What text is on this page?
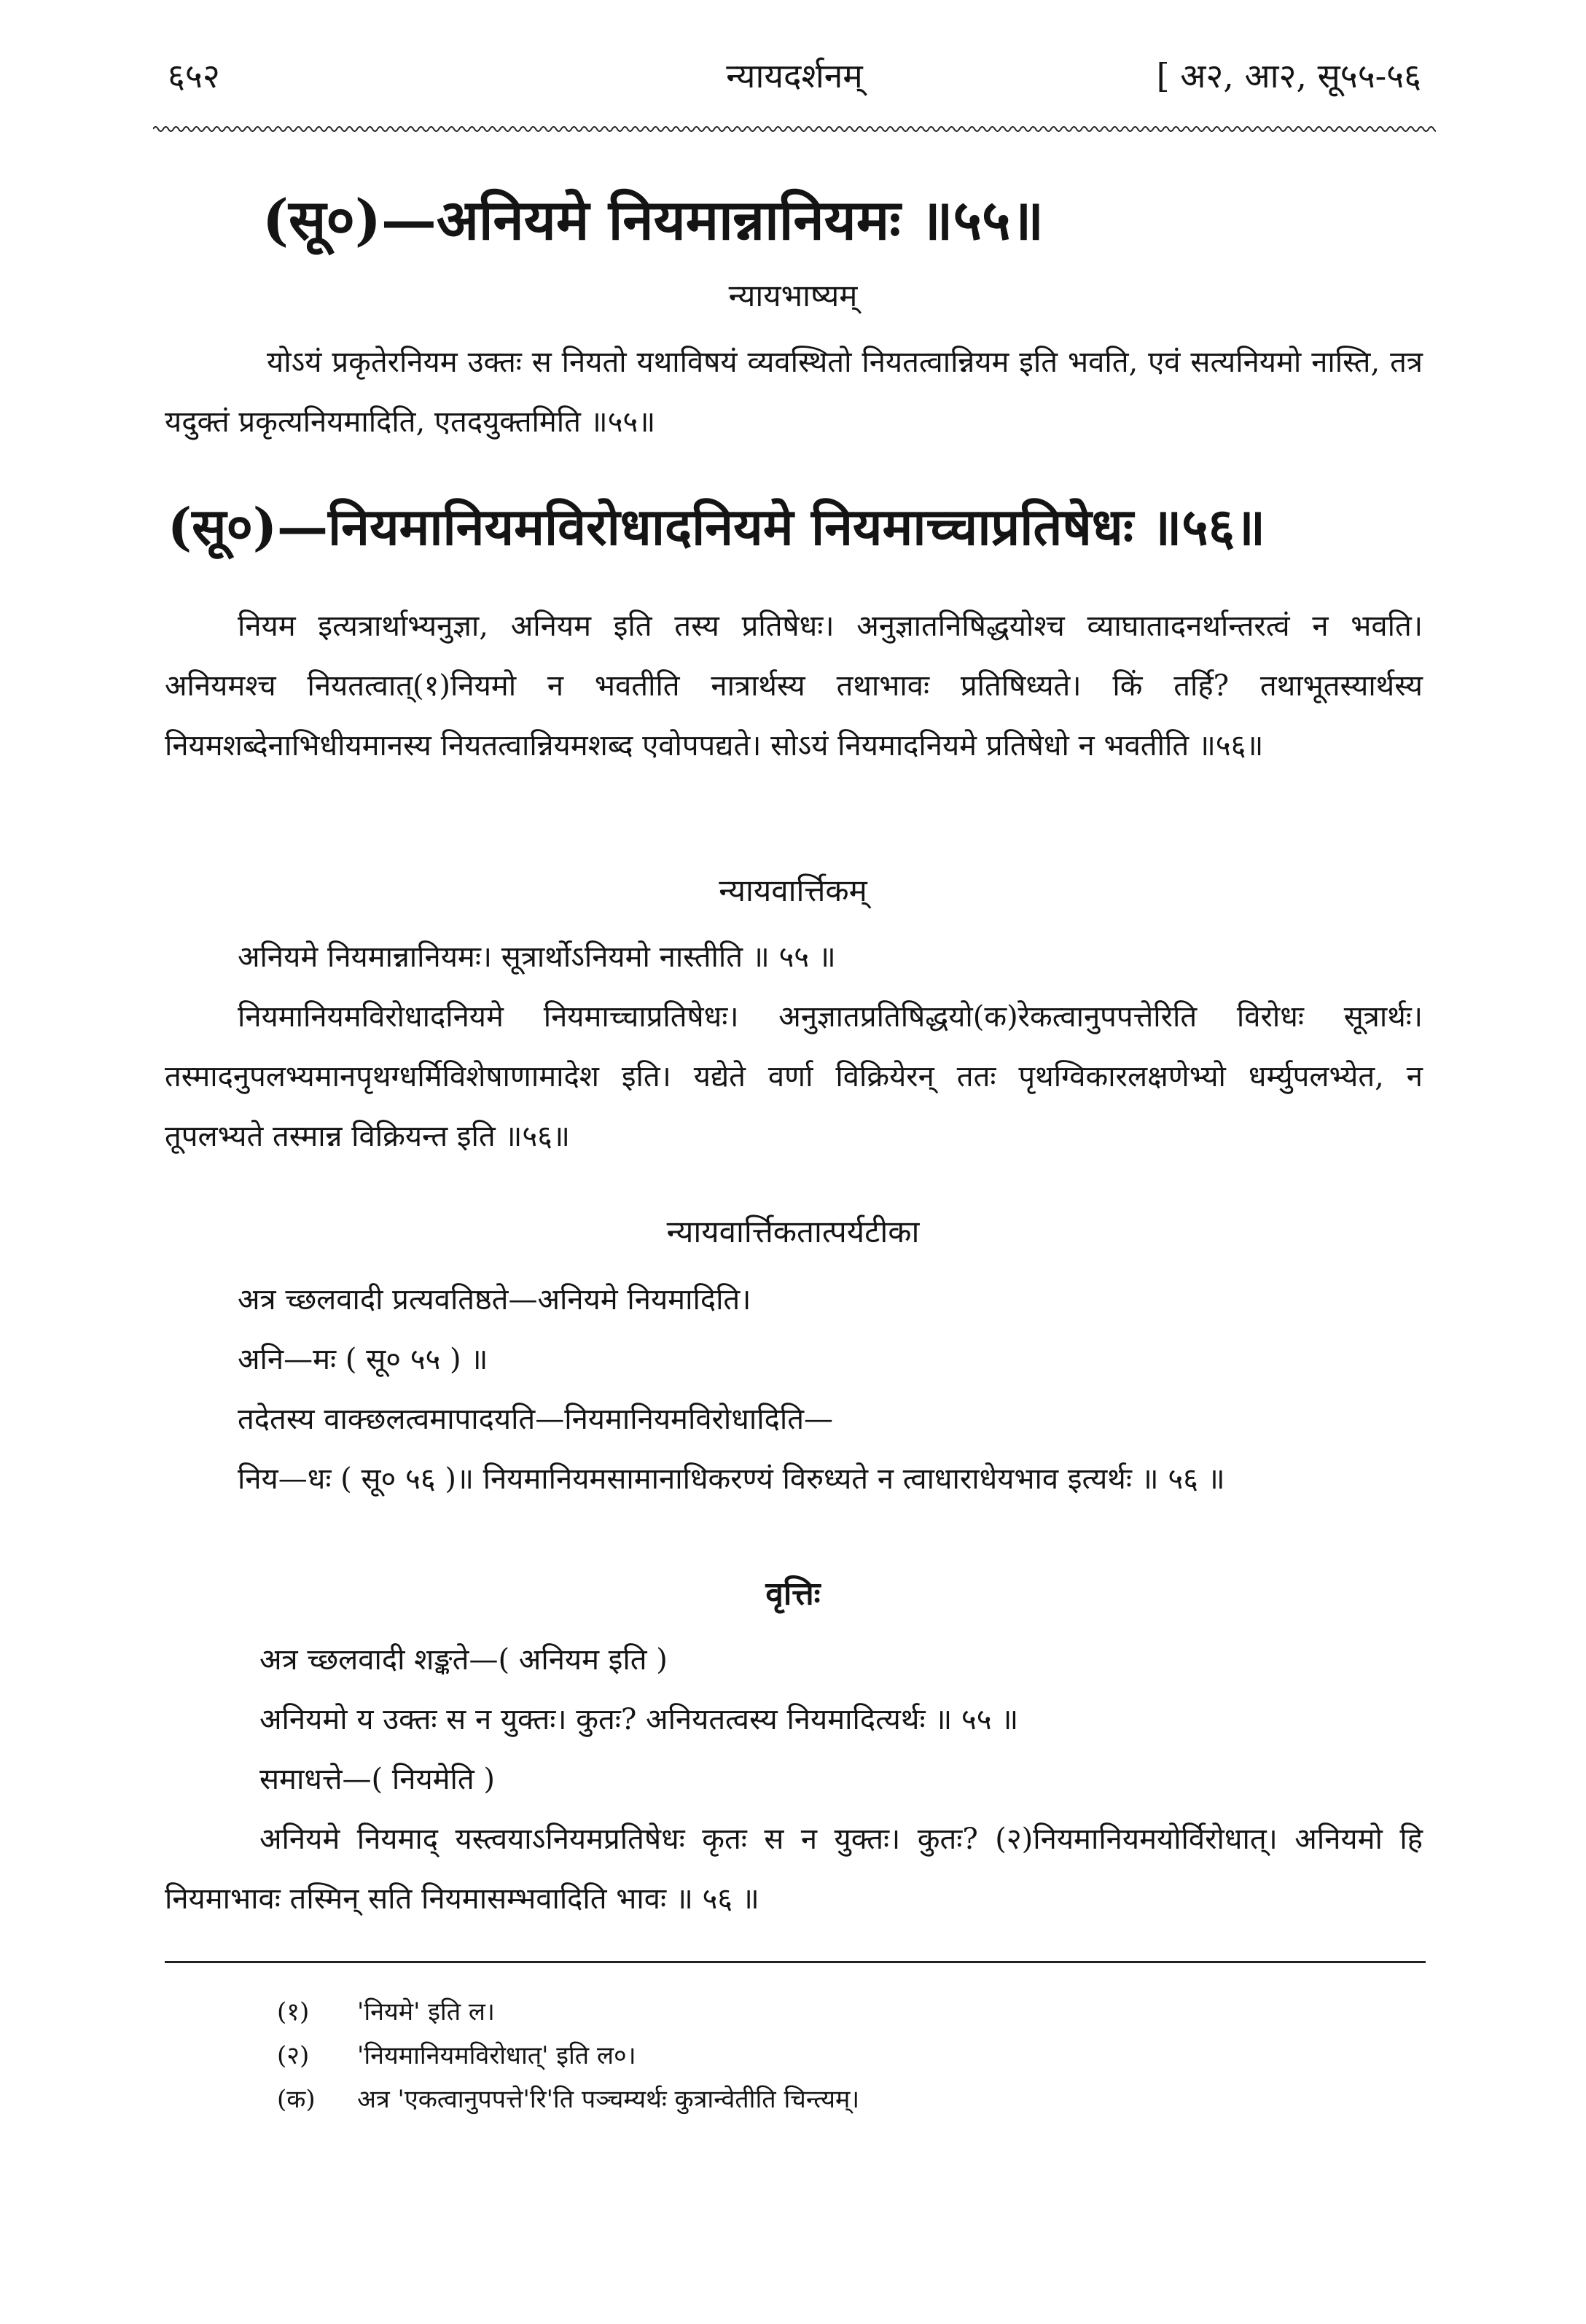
६५२	न्यायदर्शनम्	[ अ२, आ२, सू५५-५६
(सू०)—अनियमे नियमान्नानियमः ॥५५॥
न्यायभाष्यम्
योऽयं प्रकृतेरनियम उक्तः स नियतो यथाविषयं व्यवस्थितो नियतत्वान्नियम इति भवति, एवं सत्यनियमो नास्ति, तत्र यदुक्तं प्रकृत्यनियमादिति, एतदयुक्तमिति ॥५५॥
(सू०)—नियमानियमविरोधादनियमे नियमाच्चाप्रतिषेधः ॥५६॥
नियम इत्यत्रार्थाभ्यनुज्ञा, अनियम इति तस्य प्रतिषेधः। अनुज्ञातनिषिद्धयोश्च व्याघातादनर्थान्तरत्वं न भवति। अनियमश्च नियतत्वात्(१)नियमो न भवतीति नात्रार्थस्य तथाभावः प्रतिषिध्यते। किं तर्हि? तथाभूतस्यार्थस्य नियमशब्देनाभिधीयमानस्य नियतत्वान्नियमशब्द एवोपपद्यते। सोऽयं नियमादनियमे प्रतिषेधो न भवतीति ॥५६॥
न्यायवार्त्तिकम्
अनियमे नियमान्नानियमः। सूत्रार्थोऽनियमो नास्तीति ॥ ५५ ॥
नियमानियमविरोधादनियमे नियमाच्चाप्रतिषेधः। अनुज्ञातप्रतिषिद्धयो(क)रेकत्वानुपपत्तेरिति विरोधः सूत्रार्थः। तस्मादनुपलभ्यमानपृथग्धर्मिविशेषाणामादेश इति। यद्येते वर्णा विक्रियेरन् ततः पृथग्विकारलक्षणेभ्यो धर्म्युपलभ्येत, न तूपलभ्यते तस्मान्न विक्रियन्त इति ॥५६॥
न्यायवार्त्तिकतात्पर्यटीका
अत्र च्छलवादी प्रत्यवतिष्ठते—अनियमे नियमादिति।
अनि—मः ( सू० ५५ ) ॥
तदेतस्य वाक्छलत्वमापादयति—नियमानियमविरोधादिति—
निय—धः ( सू० ५६ )॥ नियमानियमसामानाधिकरण्यं विरुध्यते न त्वाधाराधेयभाव इत्यर्थः ॥ ५६ ॥
वृत्तिः
अत्र च्छलवादी शङ्कते—( अनियम इति )
अनियमो य उक्तः स न युक्तः। कुतः? अनियतत्वस्य नियमादित्यर्थः ॥ ५५ ॥
समाधत्ते—( नियमेति )
अनियमे नियमाद् यस्त्वयाऽनियमप्रतिषेधः कृतः स न युक्तः। कुतः? (२)नियमानियमयोर्विरोधात्। अनियमो हि नियमाभावः तस्मिन् सति नियमासम्भवादिति भावः ॥ ५६ ॥
(१)	'नियमे' इति ल।
(२)	'नियमानियमविरोधात्' इति ल०।
(क)	अत्र 'एकत्वानुपपत्ते'रि'ति पञ्चम्यर्थः कुत्रान्वेतीति चिन्त्यम्।
